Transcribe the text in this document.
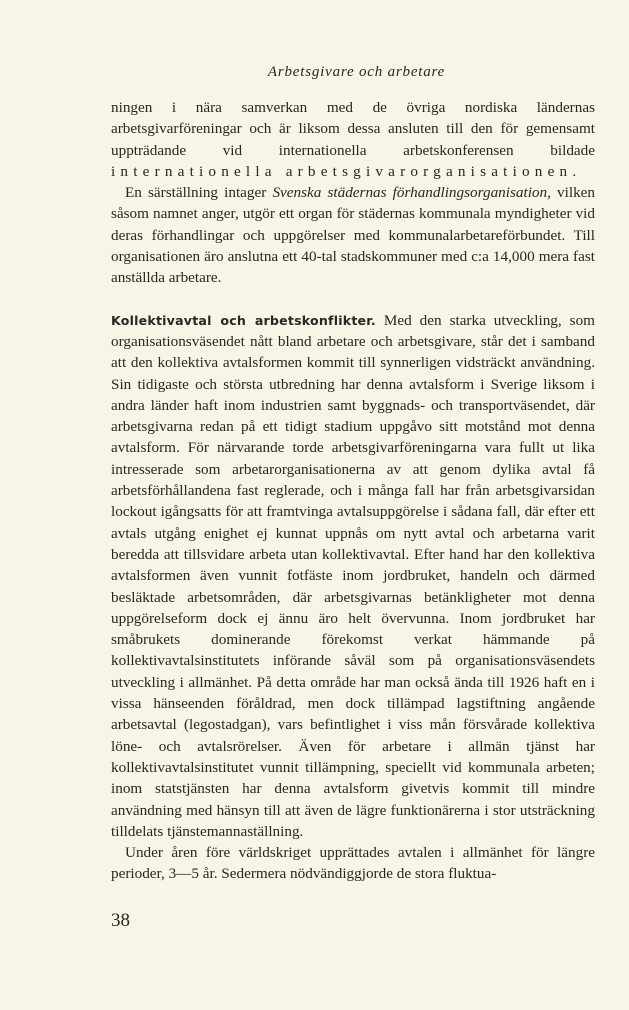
Arbetsgivare och arbetare

ningen i nära samverkan med de övriga nordiska ländernas arbetsgivarföreningar och är liksom dessa ansluten till den för gemensamt uppträdande vid internationella arbetskonferensen bildade internationella arbetsgivarorganisationen.

En särställning intager Svenska städernas förhandlingsorganisation, vilken såsom namnet anger, utgör ett organ för städernas kommunala myndigheter vid deras förhandlingar och uppgörelser med kommunalarbetareförbundet. Till organisationen äro anslutna ett 40-tal stadskommuner med c:a 14,000 mera fast anställda arbetare.

Kollektivavtal och arbetskonflikter. Med den starka utveckling, som organisationsväsendet nått bland arbetare och arbetsgivare, står det i samband att den kollektiva avtalsformen kommit till synnerligen vidsträckt användning. Sin tidigaste och största utbredning har denna avtalsform i Sverige liksom i andra länder haft inom industrien samt byggnads- och transportväsendet, där arbetsgivarna redan på ett tidigt stadium uppgåvo sitt motstånd mot denna avtalsform. För närvarande torde arbetsgivarföreningarna vara fullt ut lika intresserade som arbetarorganisationerna av att genom dylika avtal få arbetsförhållandena fast reglerade, och i många fall har från arbetsgivarsidan lockout igångsatts för att framtvinga avtalsuppgörelse i sådana fall, där efter ett avtals utgång enighet ej kunnat uppnås om nytt avtal och arbetarna varit beredda att tillsvidare arbeta utan kollektivavtal. Efter hand har den kollektiva avtalsformen även vunnit fotfäste inom jordbruket, handeln och därmed besläktade arbetsområden, där arbetsgivarnas betänkligheter mot denna uppgörelseform dock ej ännu äro helt övervunna. Inom jordbruket har småbrukets dominerande förekomst verkat hämmande på kollektivavtalsinstitutets införande såväl som på organisationsväsendets utveckling i allmänhet. På detta område har man också ända till 1926 haft en i vissa hänseenden föråldrad, men dock tillämpad lagstiftning angående arbetsavtal (legostadgan), vars befintlighet i viss mån försvårade kollektiva löne- och avtalsrörelser. Även för arbetare i allmän tjänst har kollektivavtalsinstitutet vunnit tillämpning, speciellt vid kommunala arbeten; inom statstjänsten har denna avtalsform givetvis kommit till mindre användning med hänsyn till att även de lägre funktionärerna i stor utsträckning tilldelats tjänstemannaställning.

Under åren före världskriget upprättades avtalen i allmänhet för längre perioder, 3—5 år. Sedermera nödvändiggjorde de stora fluktua-

38
